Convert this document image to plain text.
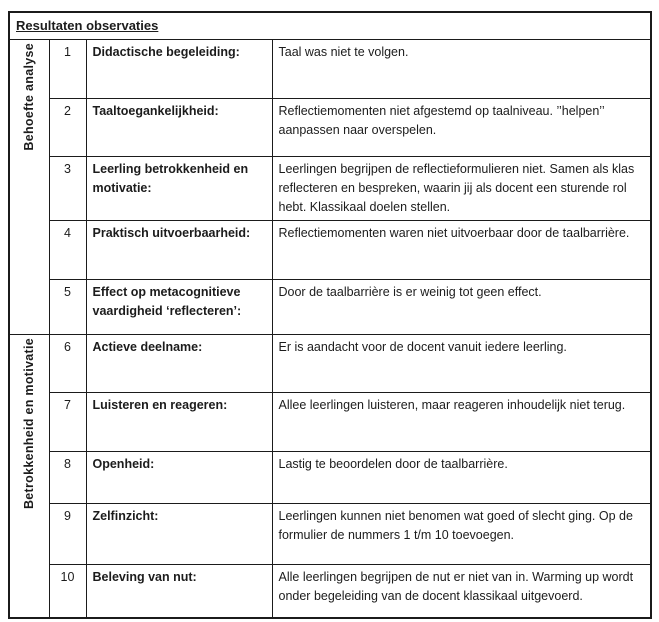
Resultaten observaties			
Behoefte analyse	1	Didactische begeleiding:	Taal was niet te volgen.
	2	Taaltoegankelijkheid:	Reflectiemomenten niet afgestemd op taalniveau. ’’helpen’’ aanpassen naar overspelen.
	3	Leerling betrokkenheid en motivatie:	Leerlingen begrijpen de reflectieformulieren niet. Samen als klas reflecteren en bespreken, waarin jij als docent een sturende rol hebt. Klassikaal doelen stellen.
	4	Praktisch uitvoerbaarheid:	Reflectiemomenten waren niet uitvoerbaar door de taalbarrière.
	5	Effect op metacognitieve vaardigheid ‘reflecteren’:	Door de taalbarrière is er weinig tot geen effect.
Betrokkenheid en motivatie	6	Actieve deelname:	Er is aandacht voor de docent vanuit iedere leerling.
	7	Luisteren en reageren:	Allee leerlingen luisteren, maar reageren inhoudelijk niet terug.
	8	Openheid:	Lastig te beoordelen door de taalbarrière.
	9	Zelfinzicht:	Leerlingen kunnen niet benomen wat goed of slecht ging. Op de formulier de nummers 1 t/m 10 toevoegen.
	10	Beleving van nut:	Alle leerlingen begrijpen de nut er niet van in. Warming up wordt onder begeleiding van de docent klassikaal uitgevoerd.
